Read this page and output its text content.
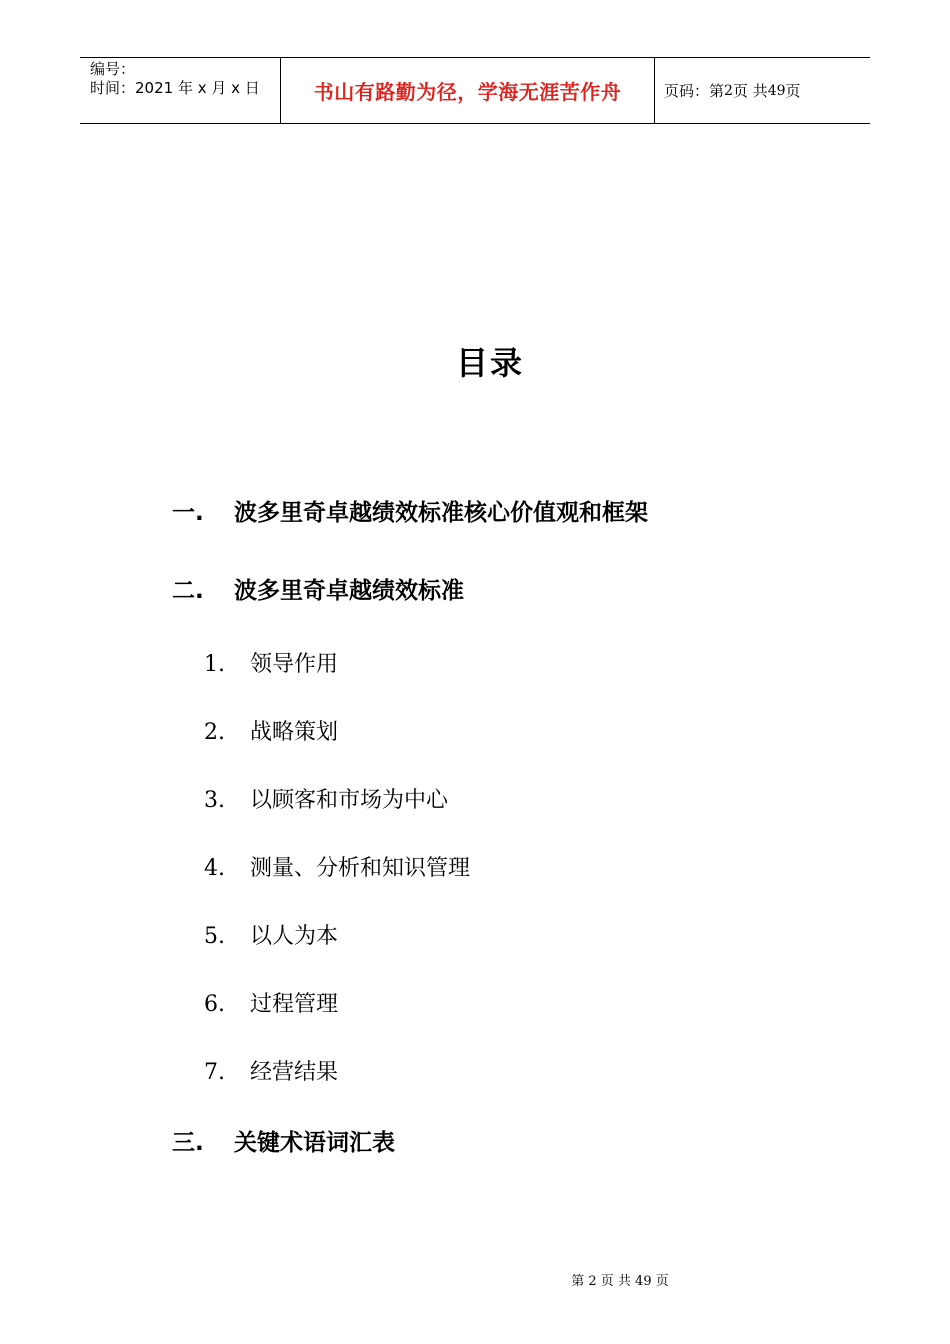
编号：
时间：2021 年 x 月 x 日	书山有路勤为径，学海无涯苦作舟	页码：第 2 页 共 49 页
目录
一. 波多里奇卓越绩效标准核心价值观和框架
二. 波多里奇卓越绩效标准
1. 领导作用
2. 战略策划
3. 以顾客和市场为中心
4. 测量、分析和知识管理
5. 以人为本
6. 过程管理
7. 经营结果
三. 关键术语词汇表
第 2 页 共 49 页
